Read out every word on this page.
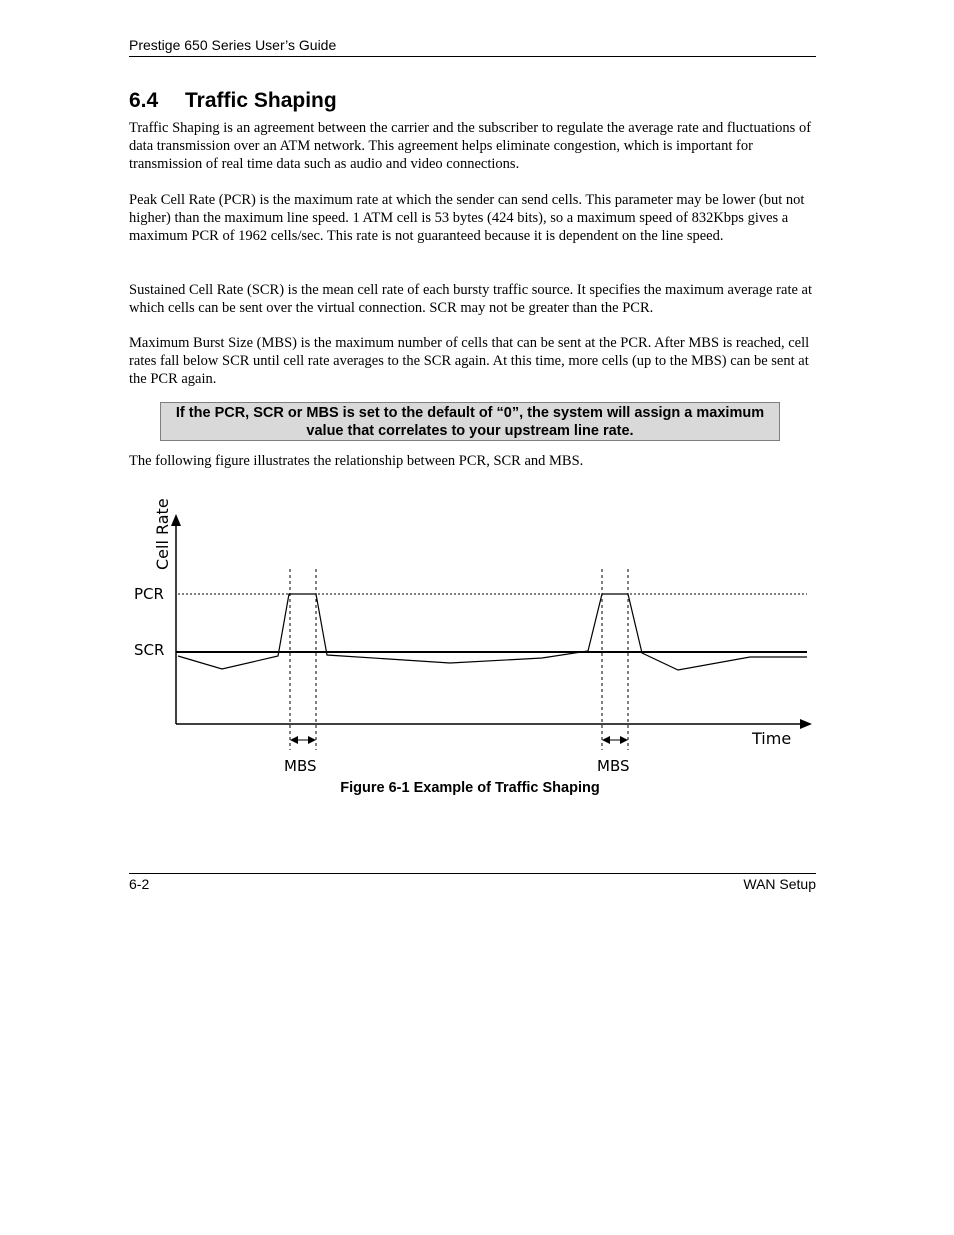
Prestige 650 Series User’s Guide
6.4 Traffic Shaping

Traffic Shaping is an agreement between the carrier and the subscriber to regulate the average rate and fluctuations of data transmission over an ATM network. This agreement helps eliminate congestion, which is important for transmission of real time data such as audio and video connections.

Peak Cell Rate (PCR) is the maximum rate at which the sender can send cells. This parameter may be lower (but not higher) than the maximum line speed. 1 ATM cell is 53 bytes (424 bits), so a maximum speed of 832Kbps gives a maximum PCR of 1962 cells/sec. This rate is not guaranteed because it is dependent on the line speed.

Sustained Cell Rate (SCR) is the mean cell rate of each bursty traffic source. It specifies the maximum average rate at which cells can be sent over the virtual connection. SCR may not be greater than the PCR.

Maximum Burst Size (MBS) is the maximum number of cells that can be sent at the PCR. After MBS is reached, cell rates fall below SCR until cell rate averages to the SCR again. At this time, more cells (up to the MBS) can be sent at the PCR again.

If the PCR, SCR or MBS is set to the default of “0”, the system will assign a maximum value that correlates to your upstream line rate.

The following figure illustrates the relationship between PCR, SCR and MBS.

Cell Rate
Time
PCR
SCR
MBS	MBS
Figure 6-1 Example of Traffic Shaping
6-2	WAN Setup
